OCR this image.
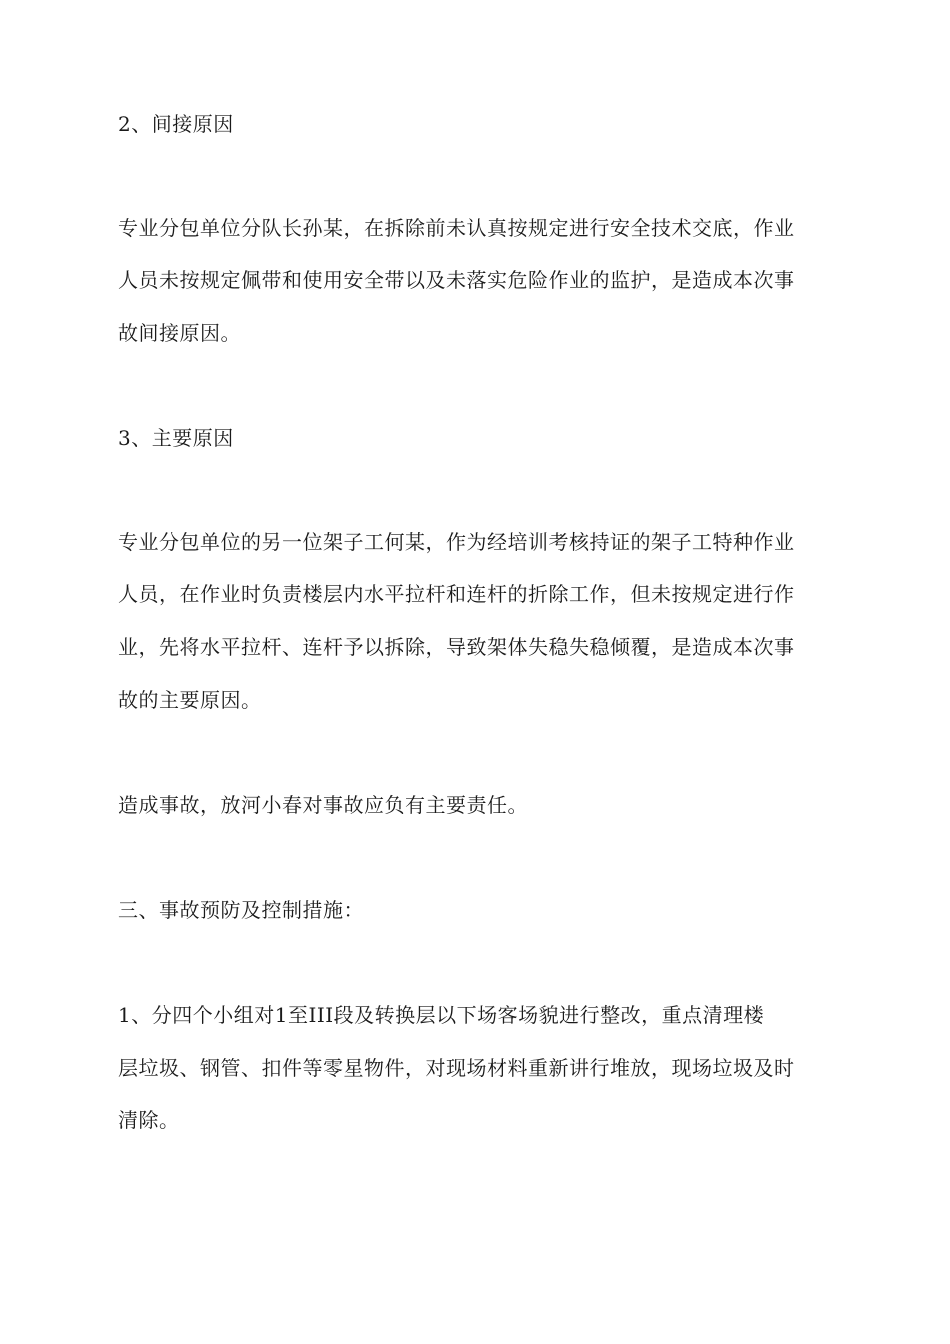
2、间接原因
专业分包单位分队长孙某，在拆除前未认真按规定进行安全技术交底，作业
人员未按规定佩带和使用安全带以及未落实危险作业的监护，是造成本次事
故间接原因。
3、主要原因
专业分包单位的另一位架子工何某，作为经培训考核持证的架子工特种作业
人员，在作业时负责楼层内水平拉杆和连杆的折除工作，但未按规定进行作
业，先将水平拉杆、连杆予以拆除，导致架体失稳失稳倾覆，是造成本次事
故的主要原因。
造成事故，放河小春对事故应负有主要责任。
三、事故预防及控制措施：
1、分四个小组对1至III段及转换层以下场客场貌进行整改，重点清理楼
层垃圾、钢管、扣件等零星物件，对现场材料重新讲行堆放，现场垃圾及时
清除。
